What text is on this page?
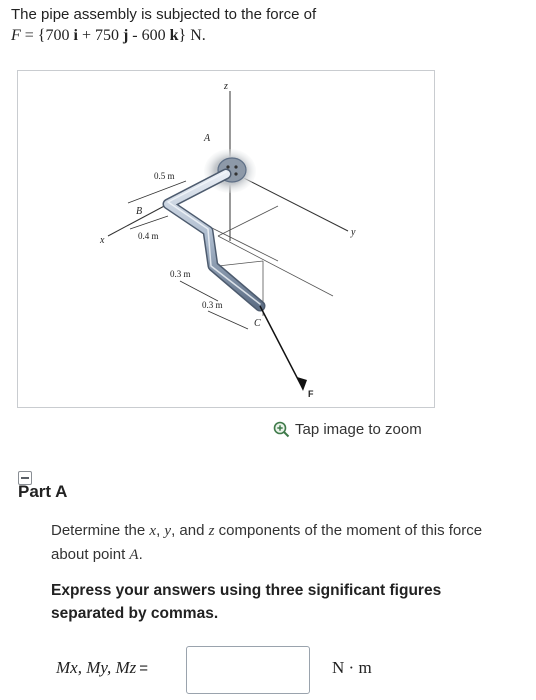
The pipe assembly is subjected to the force of
F = {700 i + 750 j - 600 k} N.
z
A
B
x
y
C
F
0.5 m
0.4 m
0.3 m
0.3 m
Tap image to zoom
Part A
Determine the x, y, and z components of the moment of this force about point A.
Express your answers using three significant figures separated by commas.
Mx, My, Mz =	N · m
